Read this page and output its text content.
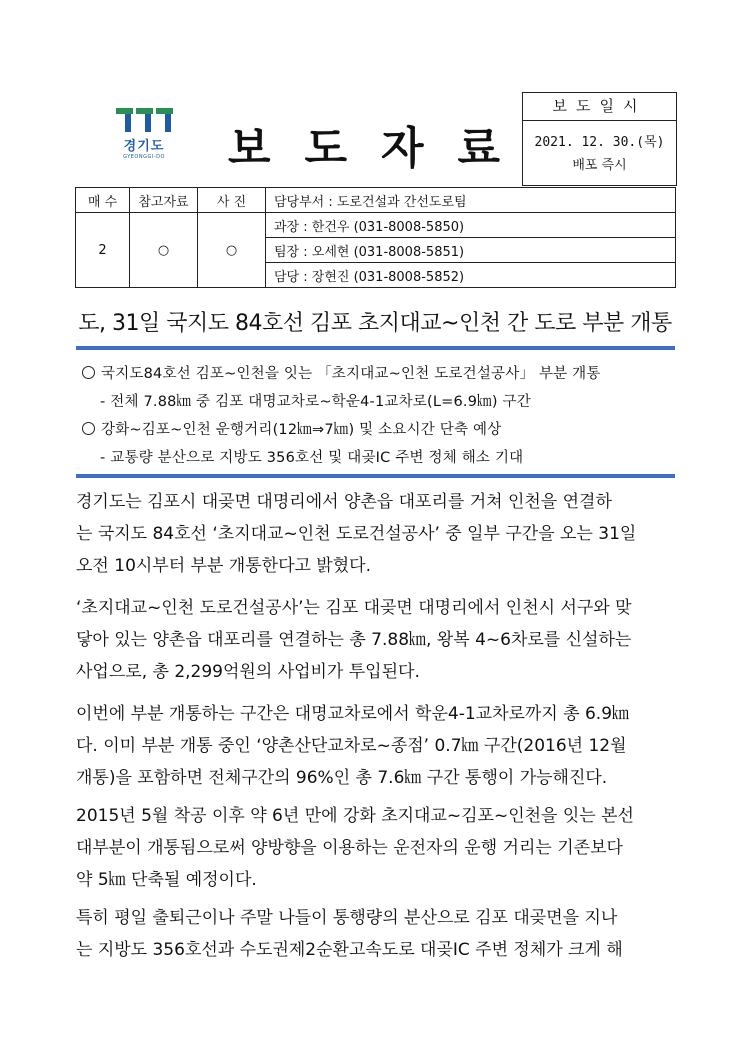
경기도
GYEONGGI-DO 보도자료
보도일시
2021. 12. 30.(목)
배포 즉시
매 수	참고자료	사 진	담당부서 : 도로건설과 간선도로팀
2	○	○	과장 : 한건우 (031-8008-5850)
			팀장 : 오세현 (031-8008-5851)
			담당 : 장현진 (031-8008-5852)
도, 31일 국지도 84호선 김포 초지대교~인천 간 도로 부분 개통
국지도84호선 김포~인천을 잇는 「초지대교~인천 도로건설공사」 부분 개통
- 전체 7.88㎞ 중 김포 대명교차로~학운4-1교차로(L=6.9㎞) 구간
강화~김포~인천 운행거리(12㎞⇒7㎞) 및 소요시간 단축 예상
- 교통량 분산으로 지방도 356호선 및 대곶IC 주변 정체 해소 기대
경기도는 김포시 대곶면 대명리에서 양촌읍 대포리를 거쳐 인천을 연결하
는 국지도 84호선 ‘초지대교~인천 도로건설공사’ 중 일부 구간을 오는 31일
오전 10시부터 부분 개통한다고 밝혔다.
‘초지대교~인천 도로건설공사’는 김포 대곶면 대명리에서 인천시 서구와 맞
닿아 있는 양촌읍 대포리를 연결하는 총 7.88㎞, 왕복 4~6차로를 신설하는
사업으로, 총 2,299억원의 사업비가 투입된다.
이번에 부분 개통하는 구간은 대명교차로에서 학운4-1교차로까지 총 6.9㎞
다. 이미 부분 개통 중인 ‘양촌산단교차로~종점’ 0.7㎞ 구간(2016년 12월
개통)을 포함하면 전체구간의 96%인 총 7.6㎞ 구간 통행이 가능해진다.
2015년 5월 착공 이후 약 6년 만에 강화 초지대교~김포~인천을 잇는 본선
대부분이 개통됨으로써 양방향을 이용하는 운전자의 운행 거리는 기존보다
약 5㎞ 단축될 예정이다.
특히 평일 출퇴근이나 주말 나들이 통행량의 분산으로 김포 대곶면을 지나
는 지방도 356호선과 수도권제2순환고속도로 대곶IC 주변 정체가 크게 해
